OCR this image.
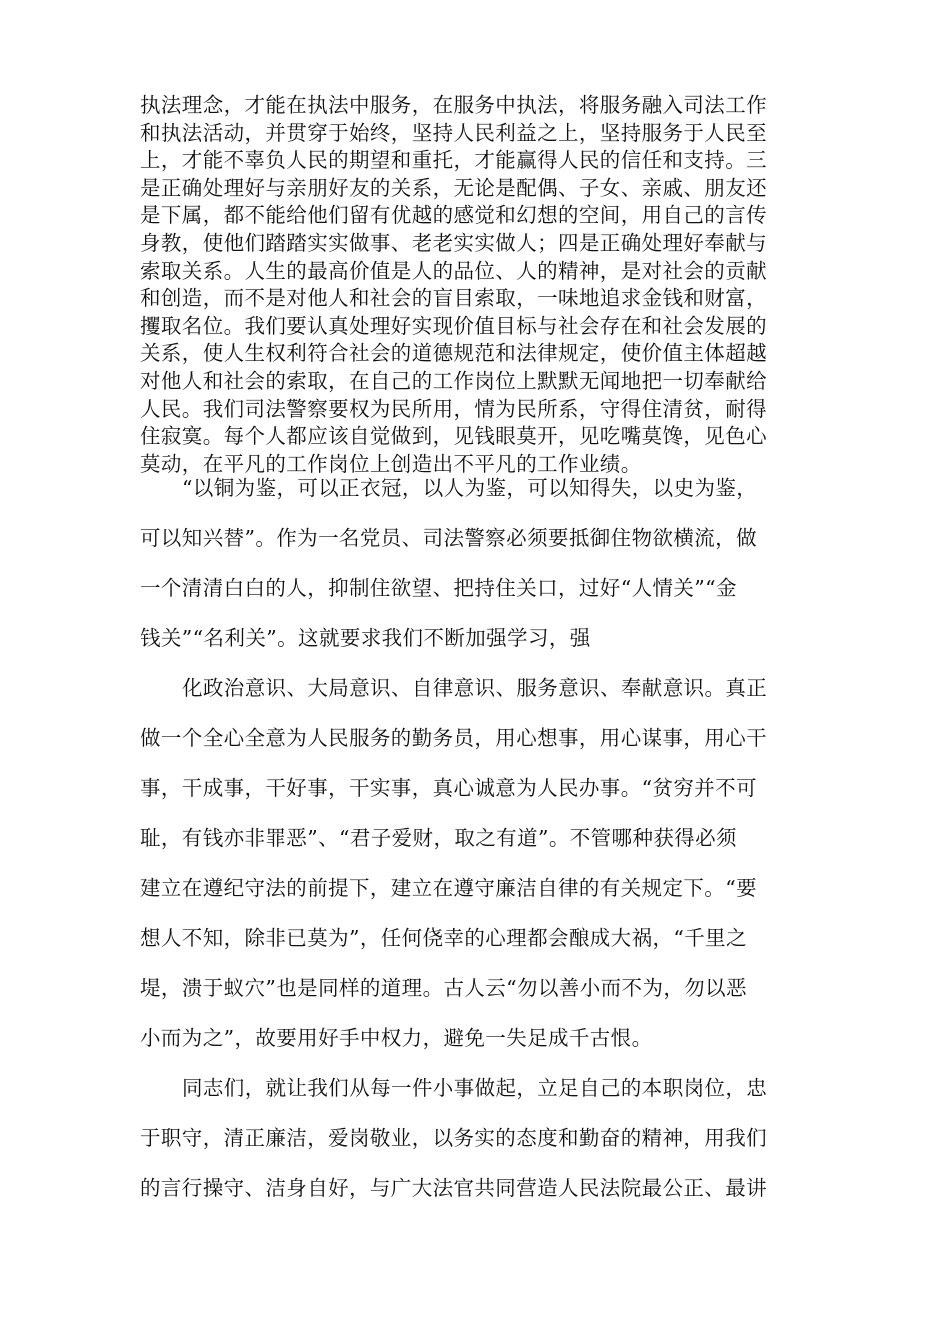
执法理念，才能在执法中服务，在服务中执法，将服务融入司法工作
和执法活动，并贯穿于始终，坚持人民利益之上，坚持服务于人民至
上，才能不辜负人民的期望和重托，才能赢得人民的信任和支持。三
是正确处理好与亲朋好友的关系，无论是配偶、子女、亲戚、朋友还
是下属，都不能给他们留有优越的感觉和幻想的空间，用自己的言传
身教，使他们踏踏实实做事、老老实实做人；四是正确处理好奉献与
索取关系。人生的最高价值是人的品位、人的精神，是对社会的贡献
和创造，而不是对他人和社会的盲目索取，一味地追求金钱和财富，
攫取名位。我们要认真处理好实现价值目标与社会存在和社会发展的
关系，使人生权利符合社会的道德规范和法律规定，使价值主体超越
对他人和社会的索取，在自己的工作岗位上默默无闻地把一切奉献给
人民。我们司法警察要权为民所用，情为民所系，守得住清贫，耐得
住寂寞。每个人都应该自觉做到，见钱眼莫开，见吃嘴莫馋，见色心
莫动，在平凡的工作岗位上创造出不平凡的工作业绩。
“以铜为鉴，可以正衣冠，以人为鉴，可以知得失，以史为鉴，
可以知兴替”。作为一名党员、司法警察必须要抵御住物欲横流，做
一个清清白白的人，抑制住欲望、把持住关口，过好“人情关”“金
钱关”“名利关”。这就要求我们不断加强学习，强
化政治意识、大局意识、自律意识、服务意识、奉献意识。真正
做一个全心全意为人民服务的勤务员，用心想事，用心谋事，用心干
事，干成事，干好事，干实事，真心诚意为人民办事。“贫穷并不可
耻，有钱亦非罪恶”、“君子爱财，取之有道”。不管哪种获得必须
建立在遵纪守法的前提下，建立在遵守廉洁自律的有关规定下。“要
想人不知，除非已莫为”，任何侥幸的心理都会酿成大祸，“千里之
堤，溃于蚁穴”也是同样的道理。古人云“勿以善小而不为，勿以恶
小而为之”，故要用好手中权力，避免一失足成千古恨。
同志们，就让我们从每一件小事做起，立足自己的本职岗位，忠
于职守，清正廉洁，爱岗敬业，以务实的态度和勤奋的精神，用我们
的言行操守、洁身自好，与广大法官共同营造人民法院最公正、最讲
